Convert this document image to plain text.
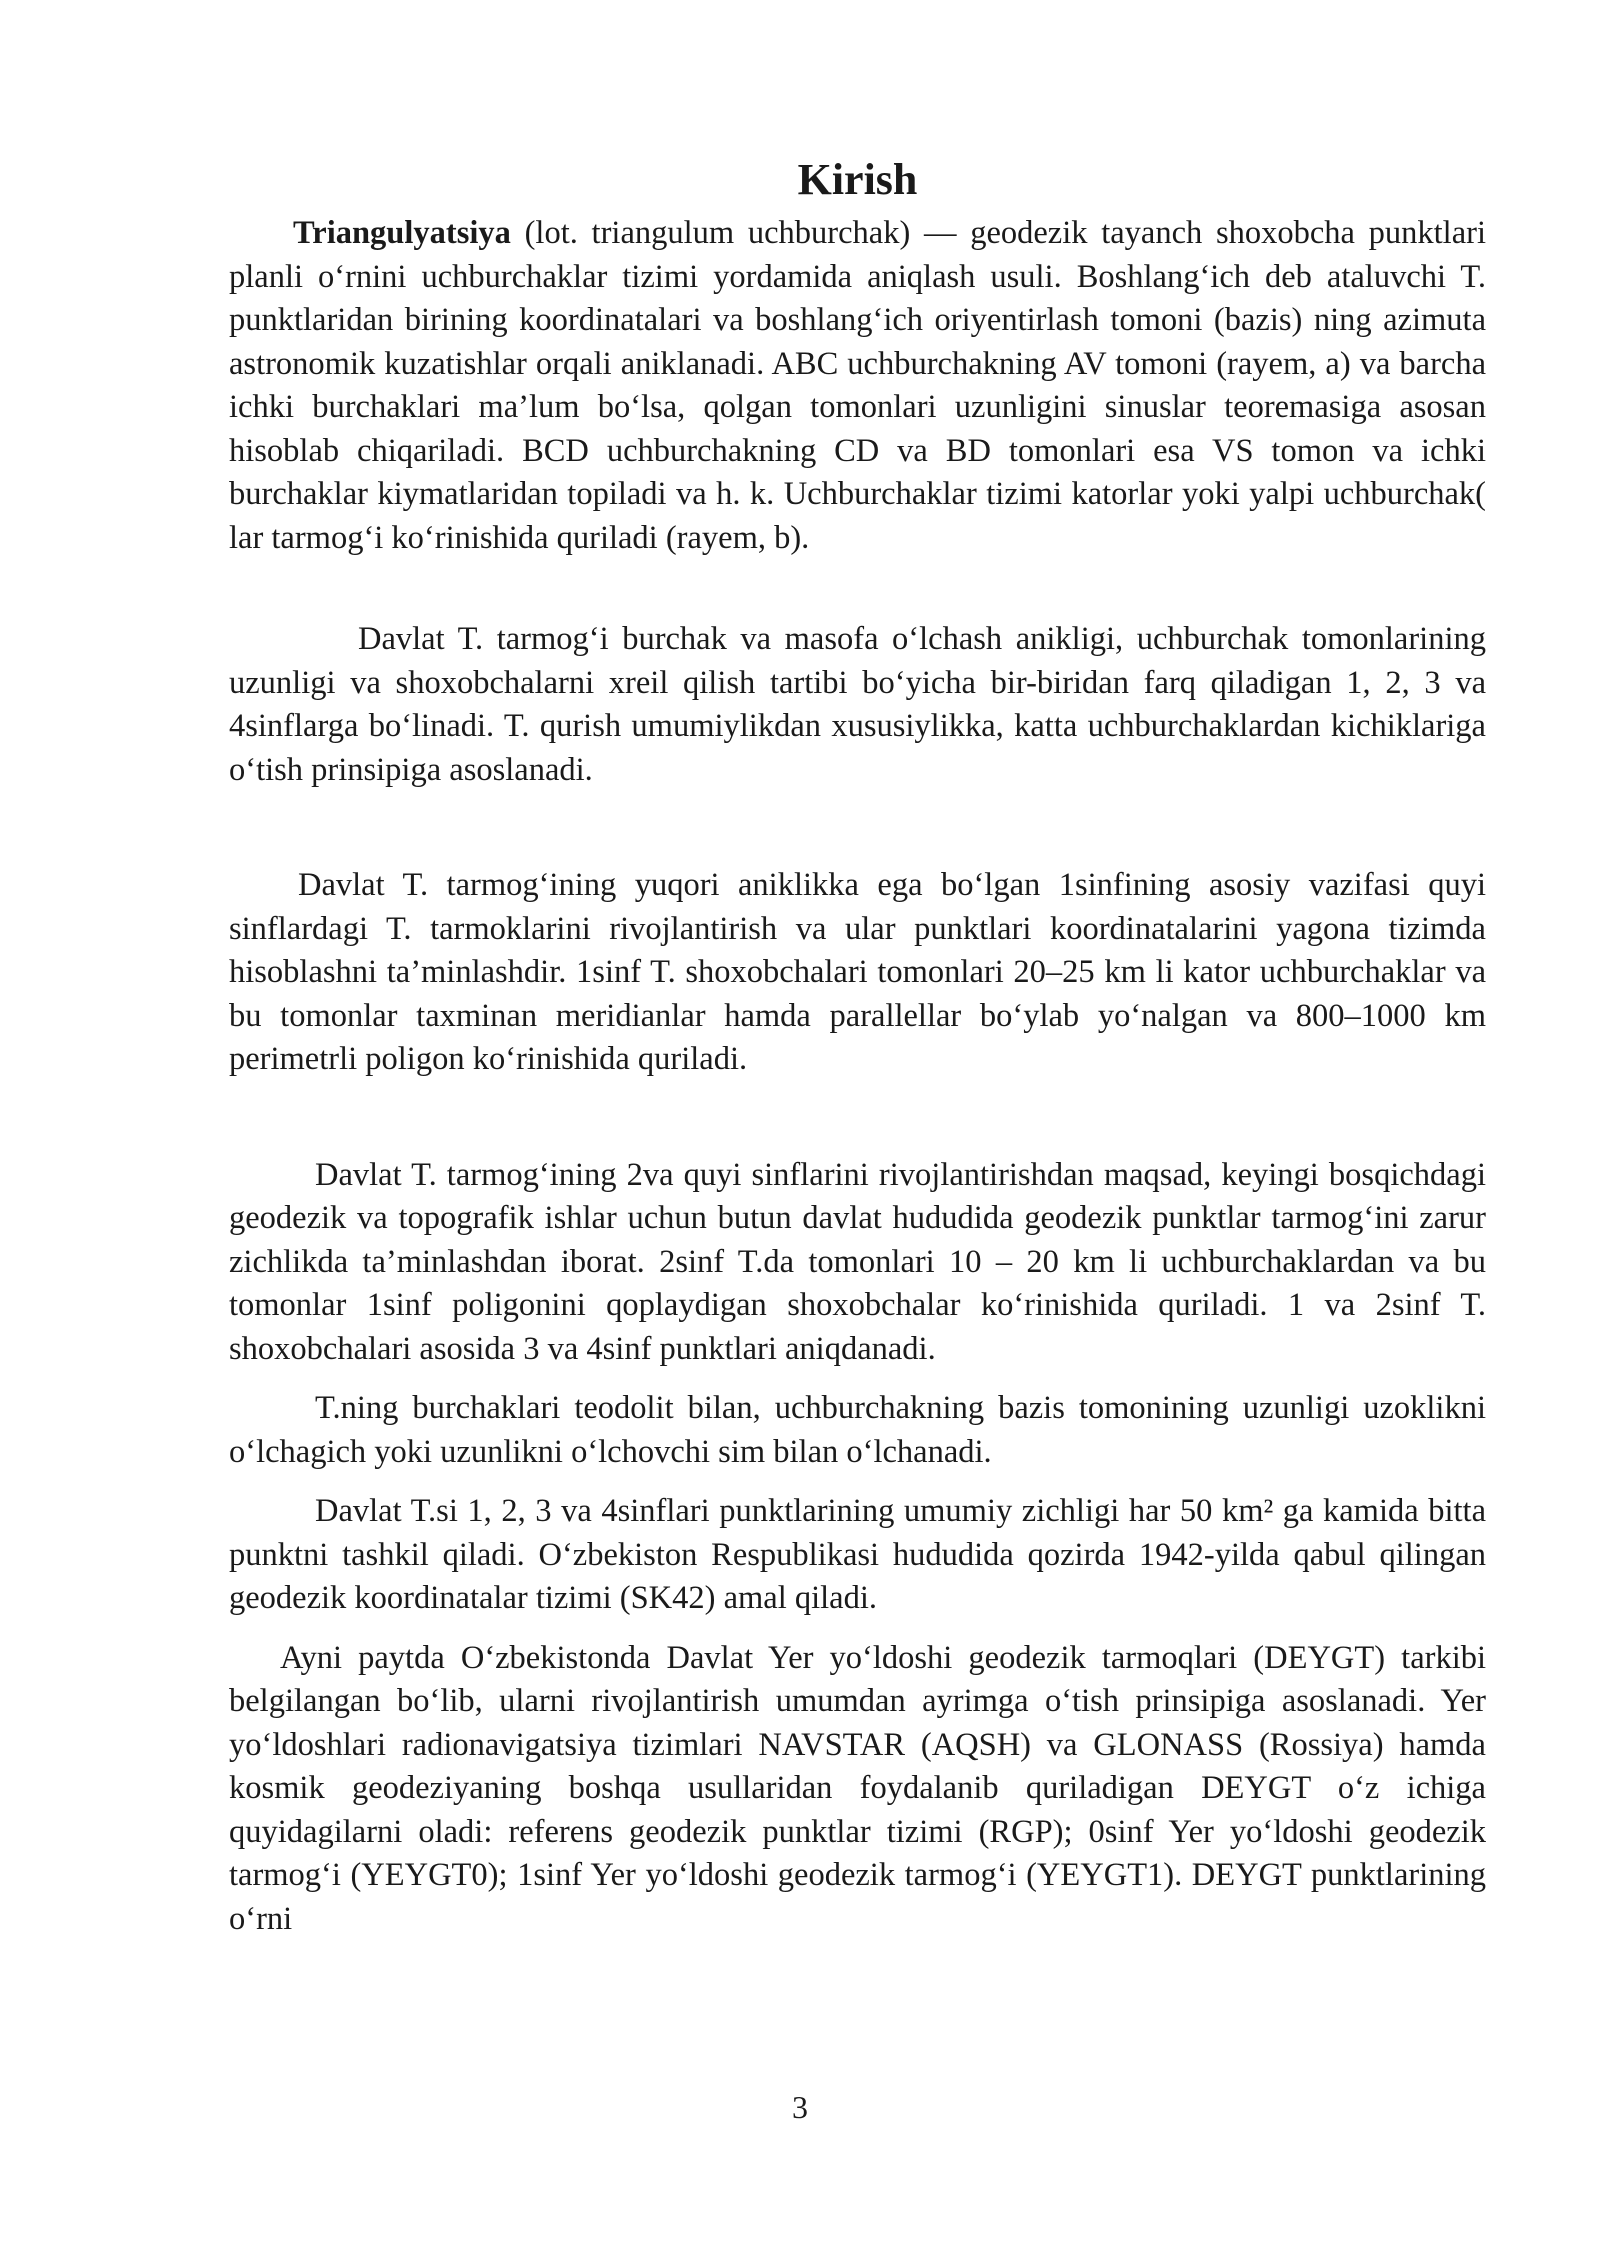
Kirish

Triangulyatsiya (lot. triangulum uchburchak) — geodezik tayanch shoxobcha punktlari planli o‘rnini uchburchaklar tizimi yordamida aniqlash usuli. Boshlang‘ich deb ataluvchi T. punktlaridan birining koordinatalari va boshlang‘ich oriyentirlash tomoni (bazis) ning azimuta astronomik kuzatishlar orqali aniklanadi. ABC uchburchakning AV tomoni (rayem, a) va barcha ichki burchaklari ma’lum bo‘lsa, qolgan tomonlari uzunligini sinuslar teoremasiga asosan hisoblab chiqariladi. BCD uchburchakning CD va BD tomonlari esa VS tomon va ichki burchaklar kiymatlaridan topiladi va h. k. Uchburchaklar tizimi katorlar yoki yalpi uchburchak( lar tarmog‘i ko‘rinishida quriladi (rayem, b).

Davlat T. tarmog‘i burchak va masofa o‘lchash anikligi, uchburchak tomonlarining uzunligi va shoxobchalarni xreil qilish tartibi bo‘yicha bir-biridan farq qiladigan 1, 2, 3 va 4sinflarga bo‘linadi. T. qurish umumiylikdan xususiylikka, katta uchburchaklardan kichiklariga o‘tish prinsipiga asoslanadi.

Davlat T. tarmog‘ining yuqori aniklikka ega bo‘lgan 1sinfining asosiy vazifasi quyi sinflardagi T. tarmoklarini rivojlantirish va ular punktlari koordinatalarini yagona tizimda hisoblashni ta’minlashdir. 1sinf T. shoxobchalari tomonlari 20–25 km li kator uchburchaklar va bu tomonlar taxminan meridianlar hamda parallellar bo‘ylab yo‘nalgan va 800–1000 km perimetrli poligon ko‘rinishida quriladi.

Davlat T. tarmog‘ining 2va quyi sinflarini rivojlantirishdan maqsad, keyingi bosqichdagi geodezik va topografik ishlar uchun butun davlat hududida geodezik punktlar tarmog‘ini zarur zichlikda ta’minlashdan iborat. 2sinf T.da tomonlari 10 – 20 km li uchburchaklardan va bu tomonlar 1sinf poligonini qoplaydigan shoxobchalar ko‘rinishida quriladi. 1 va 2sinf T. shoxobchalari asosida 3 va 4sinf punktlari aniqdanadi.

T.ning burchaklari teodolit bilan, uchburchakning bazis tomonining uzunligi uzoklikni o‘lchagich yoki uzunlikni o‘lchovchi sim bilan o‘lchanadi.

Davlat T.si 1, 2, 3 va 4sinflari punktlarining umumiy zichligi har 50 km² ga kamida bitta punktni tashkil qiladi. O‘zbekiston Respublikasi hududida qozirda 1942-yilda qabul qilingan geodezik koordinatalar tizimi (SK42) amal qiladi.

Ayni paytda O‘zbekistonda Davlat Yer yo‘ldoshi geodezik tarmoqlari (DEYGT) tarkibi belgilangan bo‘lib, ularni rivojlantirish umumdan ayrimga o‘tish prinsipiga asoslanadi. Yer yo‘ldoshlari radionavigatsiya tizimlari NAVSTAR (AQSH) va GLONASS (Rossiya) hamda kosmik geodeziyaning boshqa usullaridan foydalanib quriladigan DEYGT o‘z ichiga quyidagilarni oladi: referens geodezik punktlar tizimi (RGP); 0sinf Yer yo‘ldoshi geodezik tarmog‘i (YEYGT0); 1sinf Yer yo‘ldoshi geodezik tarmog‘i (YEYGT1). DEYGT punktlarining o‘rni

3
